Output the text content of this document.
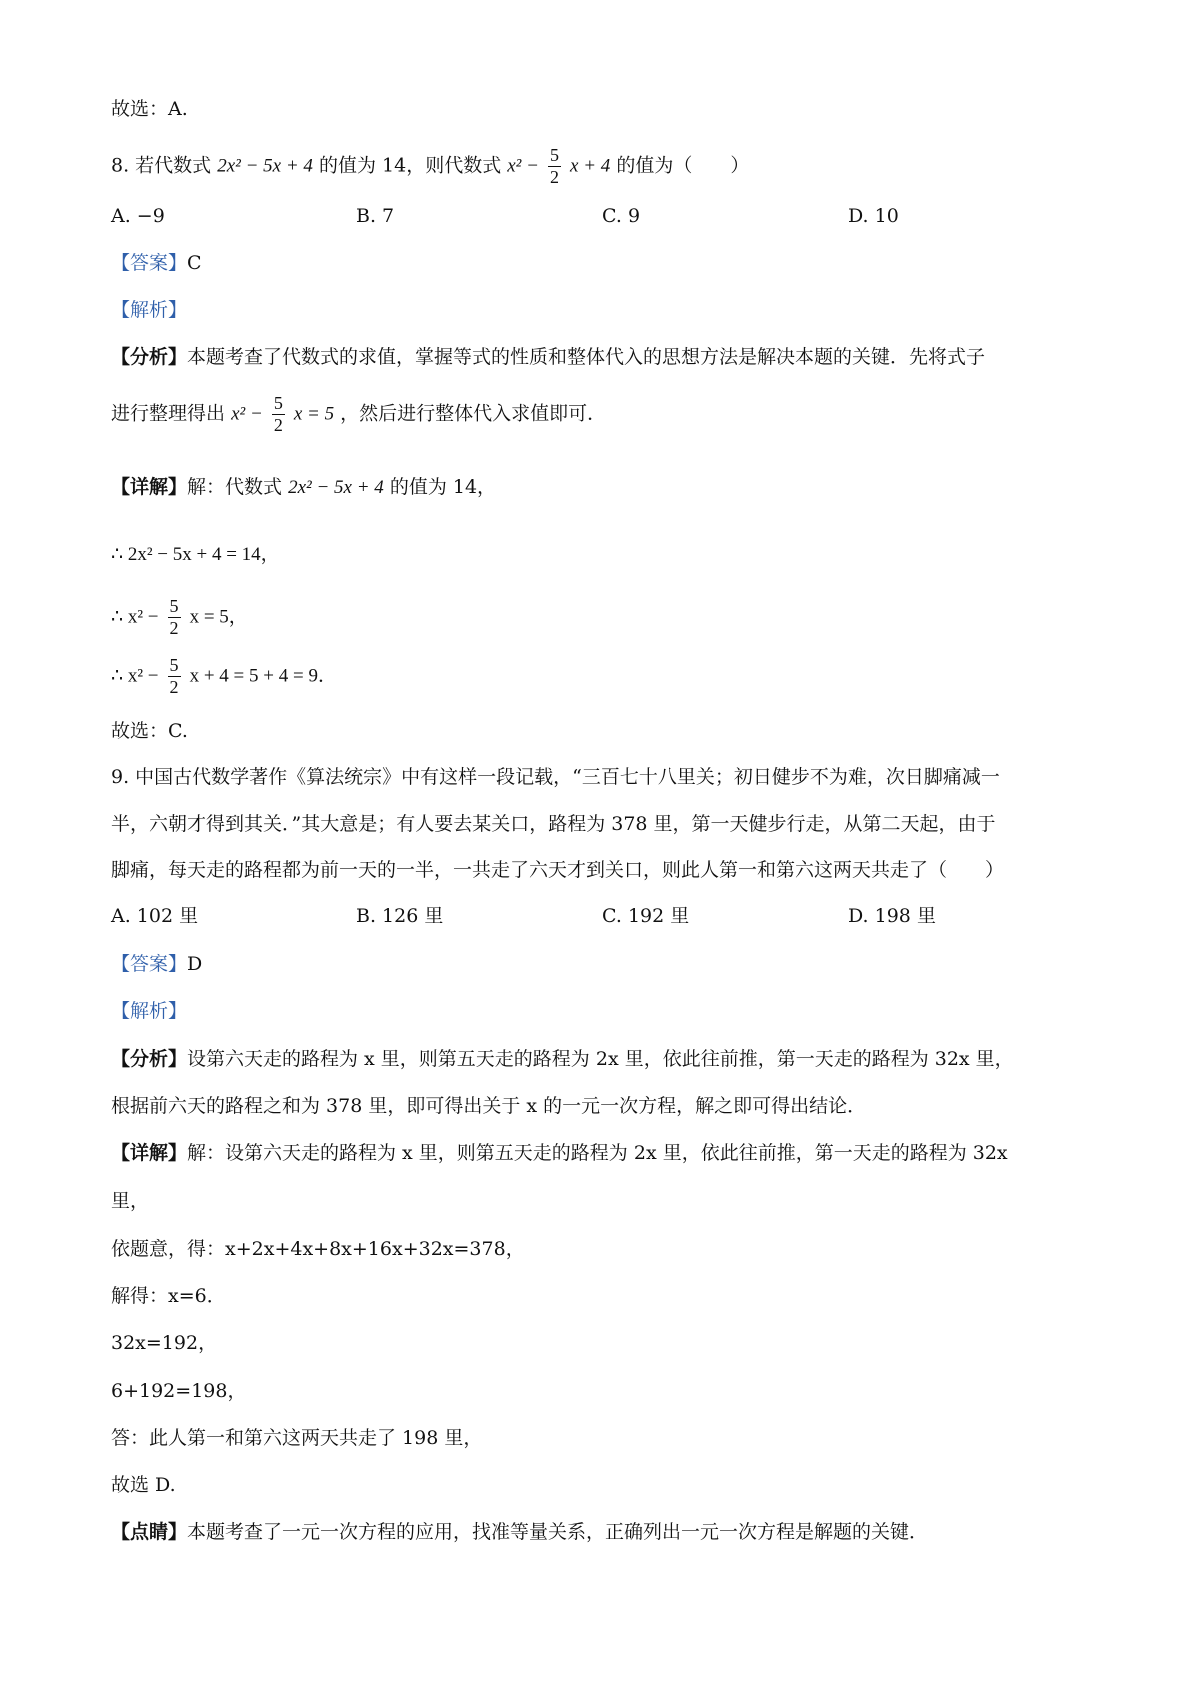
故选：A.
8. 若代数式 2x² − 5x + 4 的值为 14，则代数式 $x^2 - \frac{5}{2}$ x + 4 的值为（　　）
A. −9	B. 7	C. 9	D. 10
【答案】C
【解析】
【分析】本题考查了代数式的求值，掌握等式的性质和整体代入的思想方法是解决本题的关键．先将式子
进行整理得出 $x^2 - \frac{5}{2}$ x = 5 ，然后进行整体代入求值即可．
【详解】解：代数式 2x² − 5x + 4 的值为 14，
∴ 2x² − 5x + 4 = 14，
∴ $x^2 - \frac{5}{2}$ x = 5，
∴ $x^2 - \frac{5}{2}$ x + 4 = 5 + 4 = 9．
故选：C.
9. 中国古代数学著作《算法统宗》中有这样一段记载，“三百七十八里关；初日健步不为难，次日脚痛减一
半，六朝才得到其关．”其大意是；有人要去某关口，路程为 378 里，第一天健步行走，从第二天起，由于
脚痛，每天走的路程都为前一天的一半，一共走了六天才到关口，则此人第一和第六这两天共走了（　　）
A. 102 里	B. 126 里	C. 192 里	D. 198 里
【答案】D
【解析】
【分析】设第六天走的路程为 x 里，则第五天走的路程为 2x 里，依此往前推，第一天走的路程为 32x 里，
根据前六天的路程之和为 378 里，即可得出关于 x 的一元一次方程，解之即可得出结论．
【详解】解：设第六天走的路程为 x 里，则第五天走的路程为 2x 里，依此往前推，第一天走的路程为 32x
里，
依题意，得：x+2x+4x+8x+16x+32x=378，
解得：x=6．
32x=192，
6+192=198，
答：此人第一和第六这两天共走了 198 里，
故选 D.
【点睛】本题考查了一元一次方程的应用，找准等量关系，正确列出一元一次方程是解题的关键．
